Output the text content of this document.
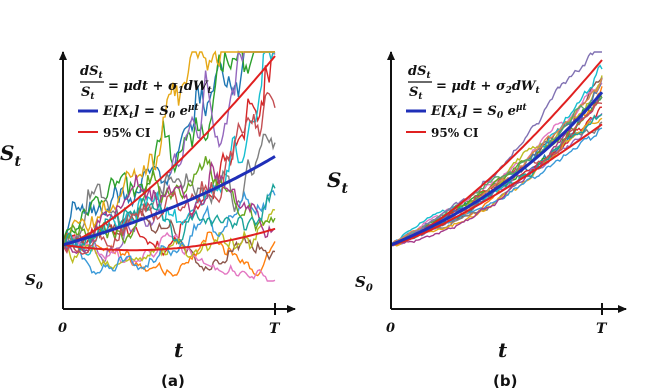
0	T
$S_0$
$S_t$
t
(a)
$dS_t$
$S_t$
= $\mu dt + \sigma_1dW_t$
$E[X_t] = S_0$ $e^{\mu t}$
95% CI
0	T
$S_0$
$S_t$
t
(b)
$dS_t$
$S_t$
= $\mu dt + \sigma_2dW_t$
$E[X_t] = S_0$ $e^{\mu t}$
95% CI
